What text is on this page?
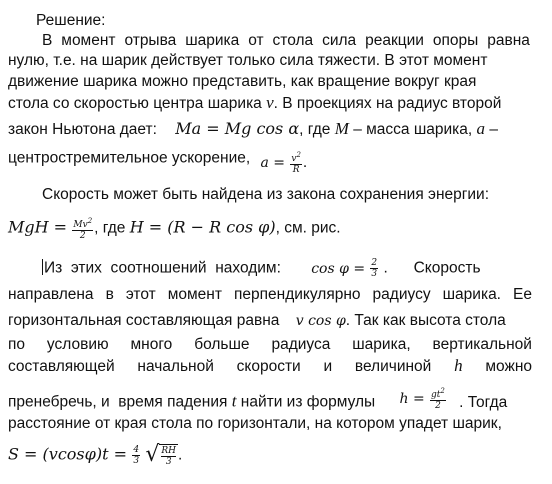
Решение:
В момент отрыва шарика от стола сила реакции опоры равна
нулю, т.е. на шарик действует только сила тяжести. В этот момент
движение шарика можно представить, как вращение вокруг края
стола со скоростью центра шарика v. В проекциях на радиус второй
закон Ньютона дает: Ma = Mg cos α, где M – масса шарика, a –
центростремительное ускорение, $a = \frac{v^2}{R}$ .
Скорость может быть найдена из закона сохранения энергии:
MgH = $\frac{Mv^2}{2}$ , где H = (R − R cos φ), см. рис.
Из  этих  соотношений  находим: $\cos \varphi = \frac{2}{3}$ .      Скорость
направлена в этот момент перпендикулярно радиусу шарика. Ее
горизонтальная составляющая равна v cos φ. Так как высота стола
по условию много больше радиуса шарика, вертикальной
составляющей начальной скорости и величиной h можно
пренебречь, и  время падения t найти из формулы $h = \frac{gt^2}{2}$ . Тогда
расстояние от края стола по горизонтали, на котором упадет шарик,
$S = (vcos\varphi)t = \frac{4}{3}$
√ $\frac{RH}{3}$ .
